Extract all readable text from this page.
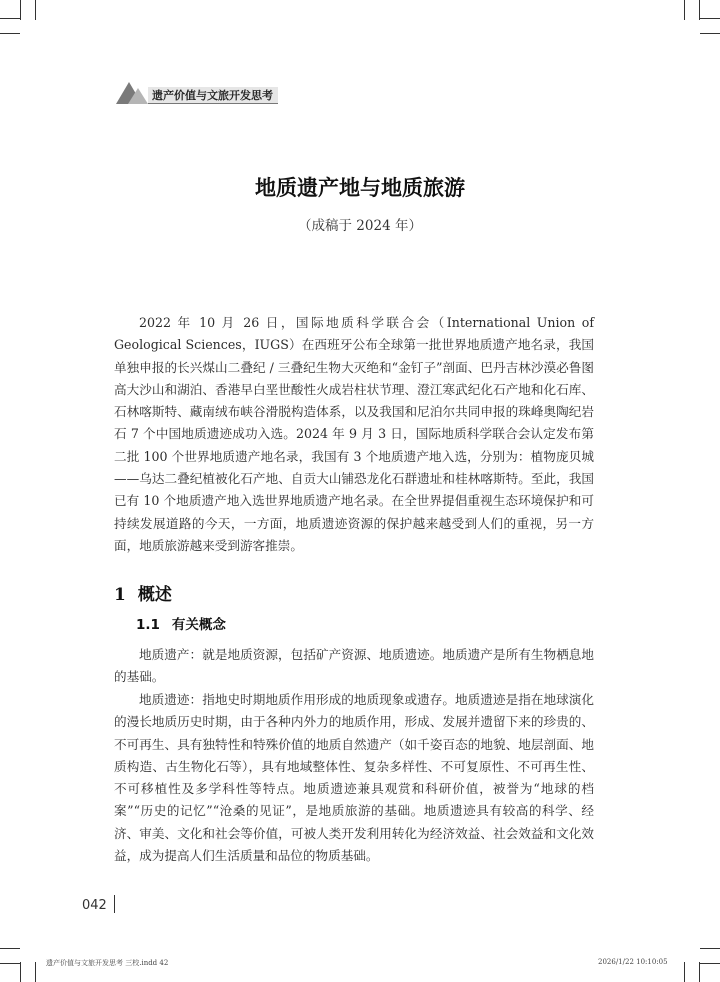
遗产价值与文旅开发思考
地质遗产地与地质旅游
（成稿于 2024 年）

2022 年 10 月 26 日，国际地质科学联合会（International Union of Geological Sciences，IUGS）在西班牙公布全球第一批世界地质遗产地名录，我国单独申报的长兴煤山二叠纪 / 三叠纪生物大灭绝和“金钉子”剖面、巴丹吉林沙漠必鲁图高大沙山和湖泊、香港早白垩世酸性火成岩柱状节理、澄江寒武纪化石产地和化石库、石林喀斯特、藏南绒布峡谷滑脱构造体系，以及我国和尼泊尔共同申报的珠峰奥陶纪岩石 7 个中国地质遗迹成功入选。2024 年 9 月 3 日，国际地质科学联合会认定发布第二批 100 个世界地质遗产地名录，我国有 3 个地质遗产地入选，分别为：植物庞贝城——乌达二叠纪植被化石产地、自贡大山铺恐龙化石群遗址和桂林喀斯特。至此，我国已有 10 个地质遗产地入选世界地质遗产地名录。在全世界提倡重视生态环境保护和可持续发展道路的今天，一方面，地质遗迹资源的保护越来越受到人们的重视，另一方面，地质旅游越来受到游客推崇。

1 概述
1.1 有关概念

地质遗产：就是地质资源，包括矿产资源、地质遗迹。地质遗产是所有生物栖息地的基础。

地质遗迹：指地史时期地质作用形成的地质现象或遗存。地质遗迹是指在地球演化的漫长地质历史时期，由于各种内外力的地质作用，形成、发展并遗留下来的珍贵的、不可再生、具有独特性和特殊价值的地质自然遗产（如千姿百态的地貌、地层剖面、地质构造、古生物化石等），具有地域整体性、复杂多样性、不可复原性、不可再生性、不可移植性及多学科性等特点。地质遗迹兼具观赏和科研价值，被誉为“地球的档案”“历史的记忆”“沧桑的见证”，是地质旅游的基础。地质遗迹具有较高的科学、经济、审美、文化和社会等价值，可被人类开发利用转化为经济效益、社会效益和文化效益，成为提高人们生活质量和品位的物质基础。

042
遗产价值与文旅开发思考 三校.indd 42	2026/1/22 10:10:05
